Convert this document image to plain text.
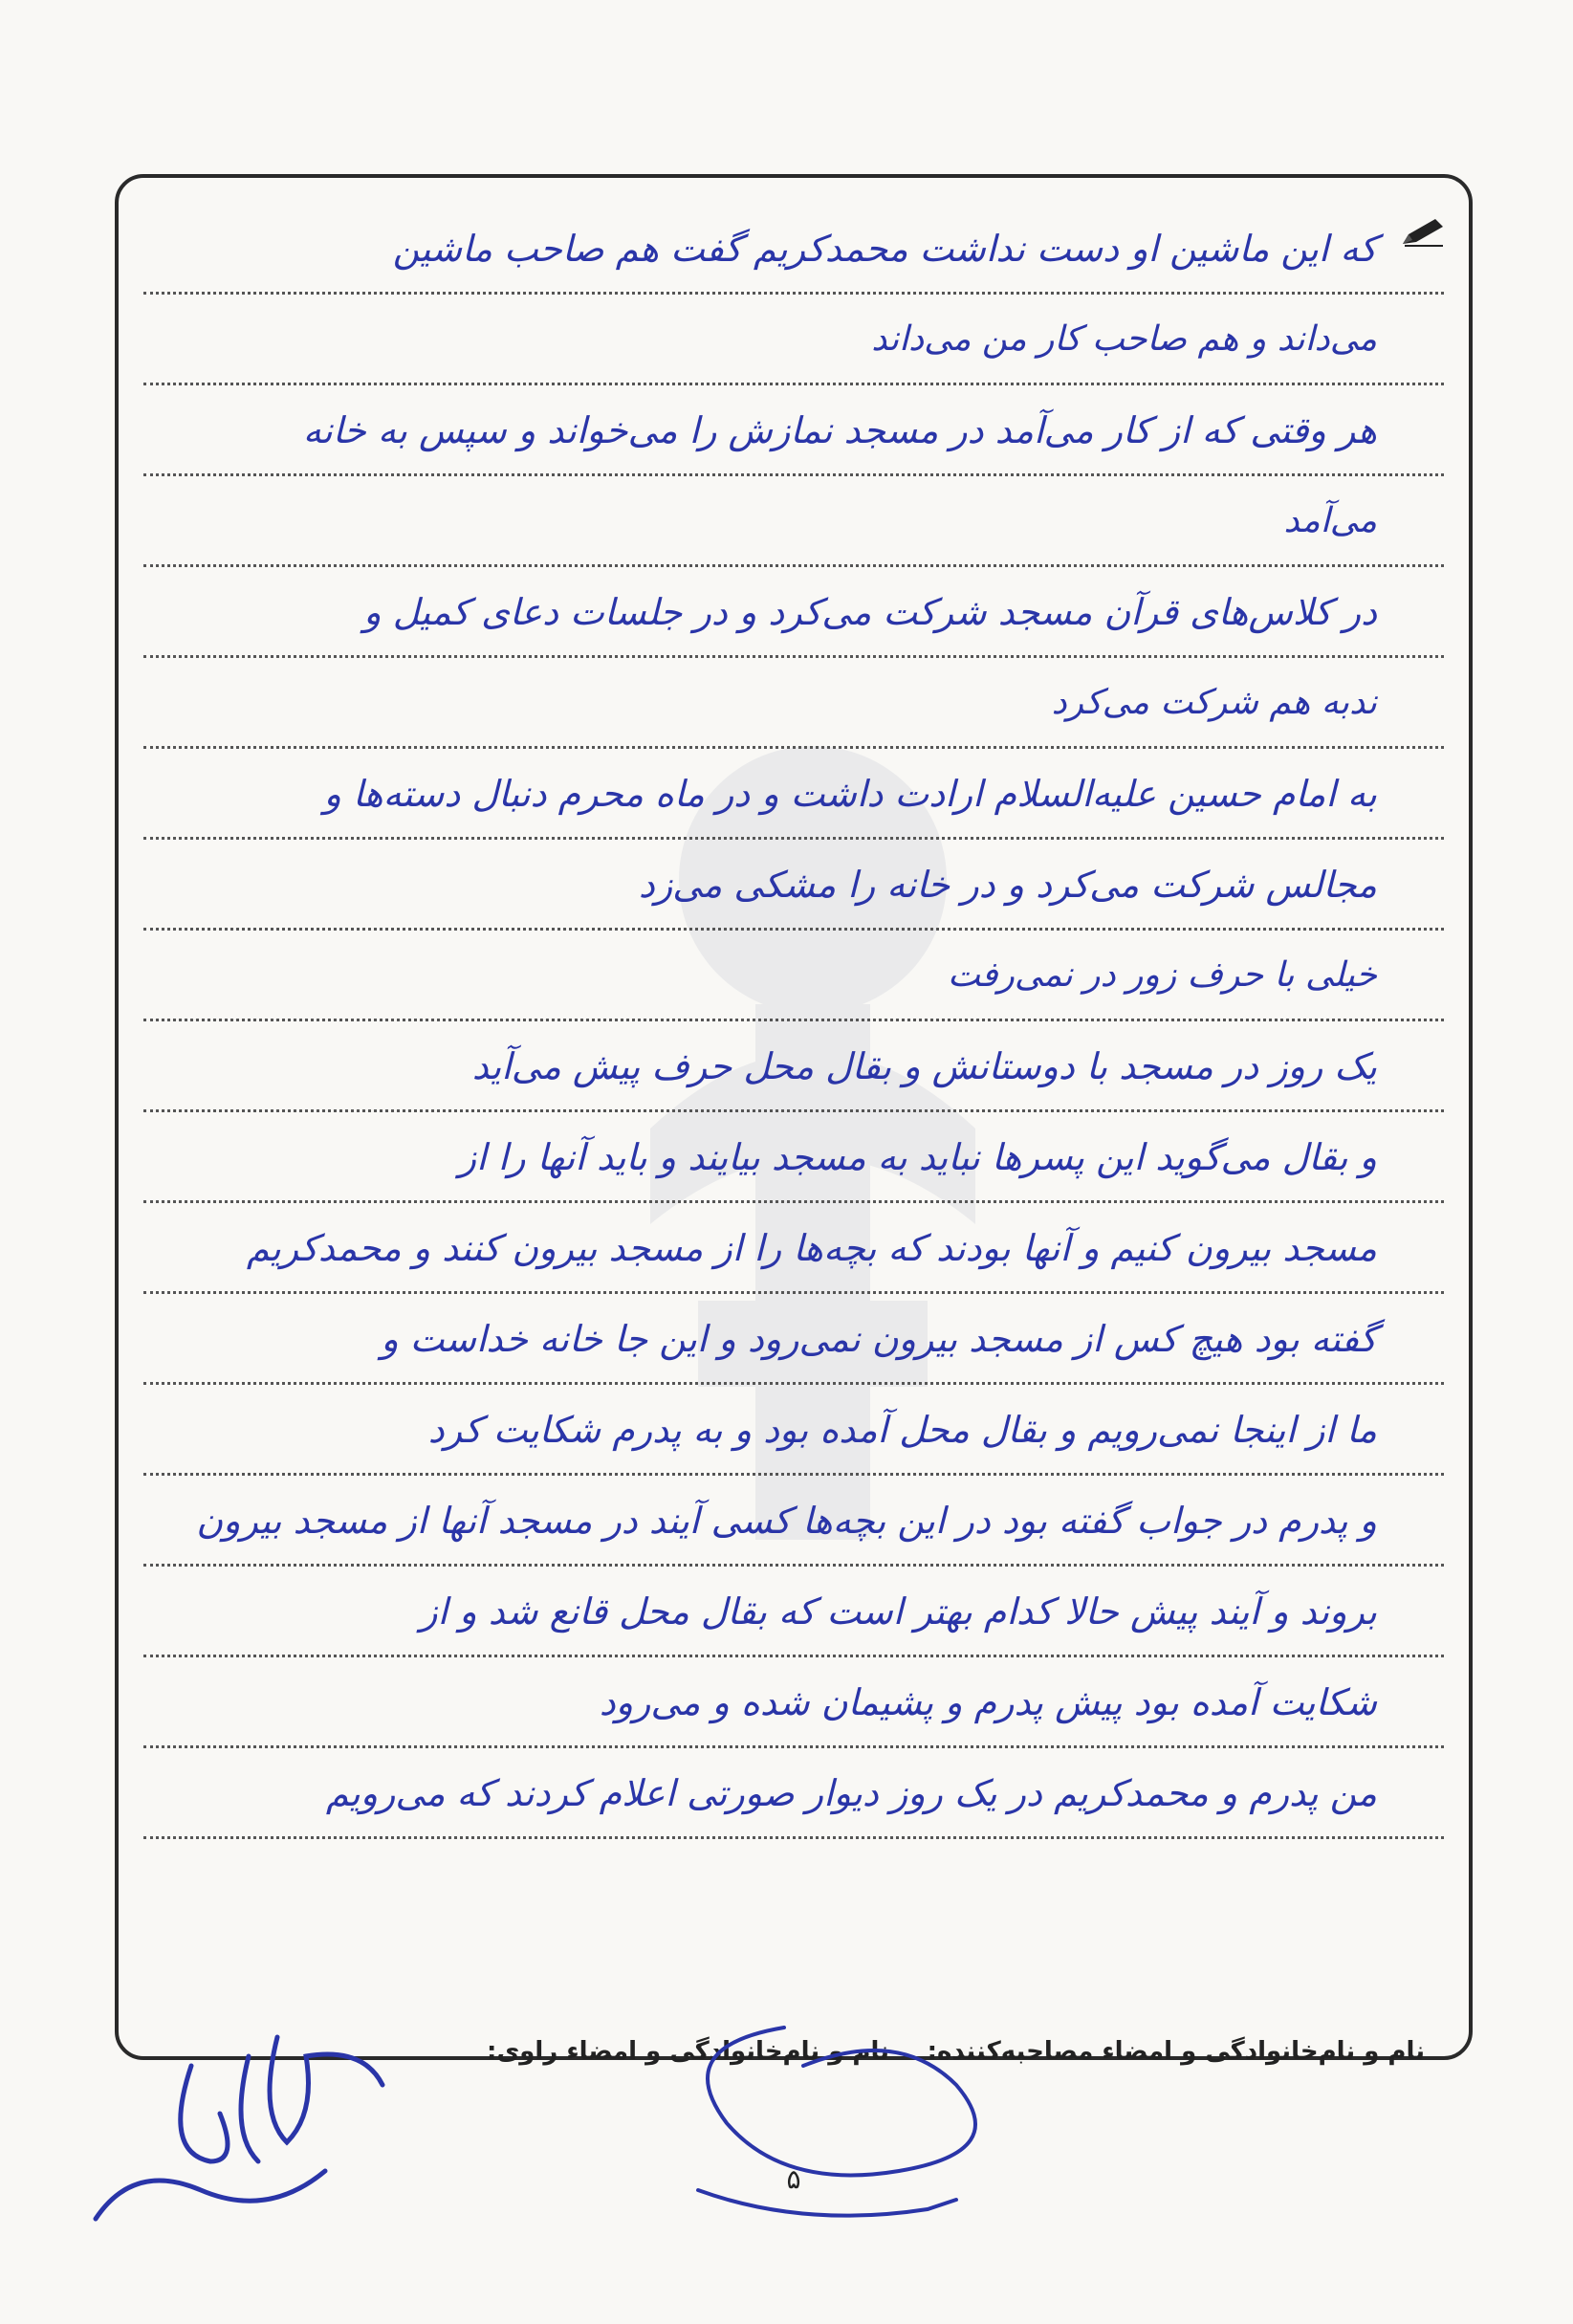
که این ماشین او دست نداشت محمدکریم گفت هم صاحب ماشین
می‌داند و هم صاحب کار من می‌داند
هر وقتی که از کار می‌آمد در مسجد نمازش را می‌خواند و سپس به خانه
می‌آمد
در کلاس‌های قرآن مسجد شرکت می‌کرد و در جلسات دعای کمیل و
ندبه هم شرکت می‌کرد
به امام حسین علیه‌السلام ارادت داشت و در ماه محرم دنبال دسته‌ها و
مجالس شرکت می‌کرد و در خانه را مشکی می‌زد
خیلی با حرف زور در نمی‌رفت
یک روز در مسجد با دوستانش و بقال محل حرف پیش می‌آید
و بقال می‌گوید این پسرها نباید به مسجد بیایند و باید آنها را از
مسجد بیرون کنیم و آنها بودند که بچه‌ها را از مسجد بیرون کنند و محمدکریم
گفته بود هیچ کس از مسجد بیرون نمی‌رود و این جا خانه خداست و
ما از اینجا نمی‌رویم و بقال محل آمده بود و به پدرم شکایت کرد
و پدرم در جواب گفته بود در این بچه‌ها کسی آیند در مسجد آنها از مسجد بیرون
بروند و آیند پیش حالا کدام بهتر است که بقال محل قانع شد و از
شکایت آمده بود پیش پدرم و پشیمان شده و می‌رود
من پدرم و محمدکریم در یک روز دیوار صورتی اعلام کردند که می‌رویم
نام و نام‌خانوادگی و امضاء مصاحبه‌کننده:
نام و نام‌خانوادگی و امضاء راوی:
۵
